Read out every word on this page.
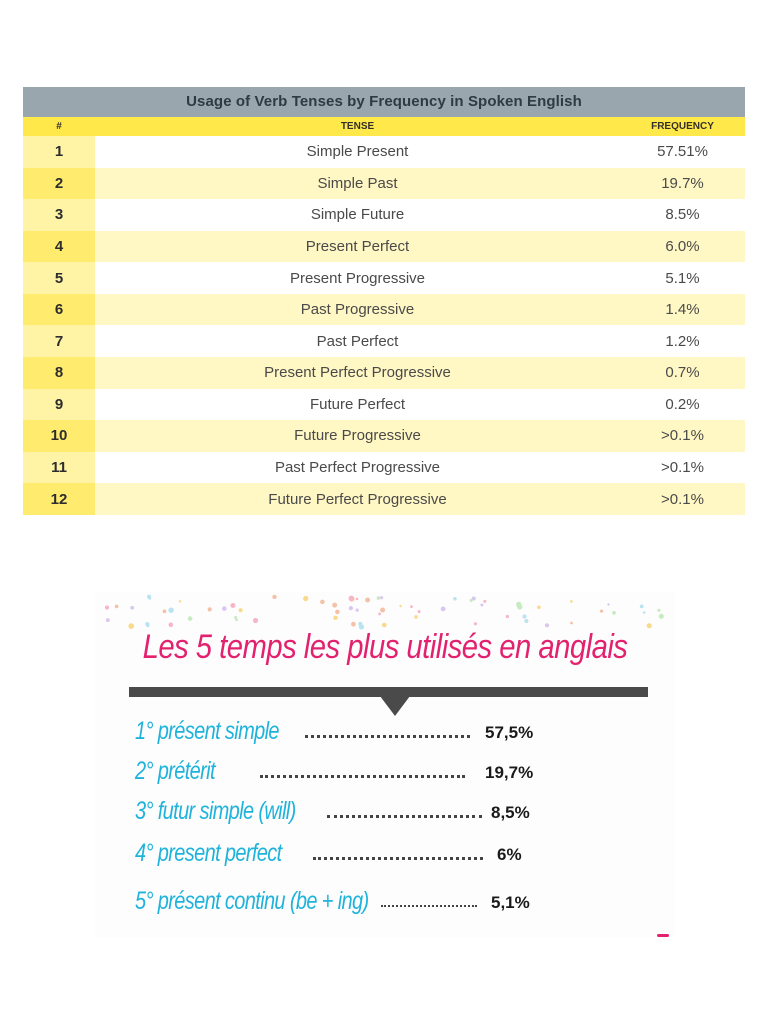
Usage of Verb Tenses by Frequency in Spoken English
#	TENSE	FREQUENCY
1	Simple Present	57.51%
2	Simple Past	19.7%
3	Simple Future	8.5%
4	Present Perfect	6.0%
5	Present Progressive	5.1%
6	Past Progressive	1.4%
7	Past Perfect	1.2%
8	Present Perfect Progressive	0.7%
9	Future Perfect	0.2%
10	Future Progressive	>0.1%
11	Past Perfect Progressive	>0.1%
12	Future Perfect Progressive	>0.1%
Les 5 temps les plus utilisés en anglais
1° présent simple	57,5%
2° prétérit	19,7%
3° futur simple (will)	8,5%
4° present perfect	6%
5° présent continu (be + ing)	5,1%
